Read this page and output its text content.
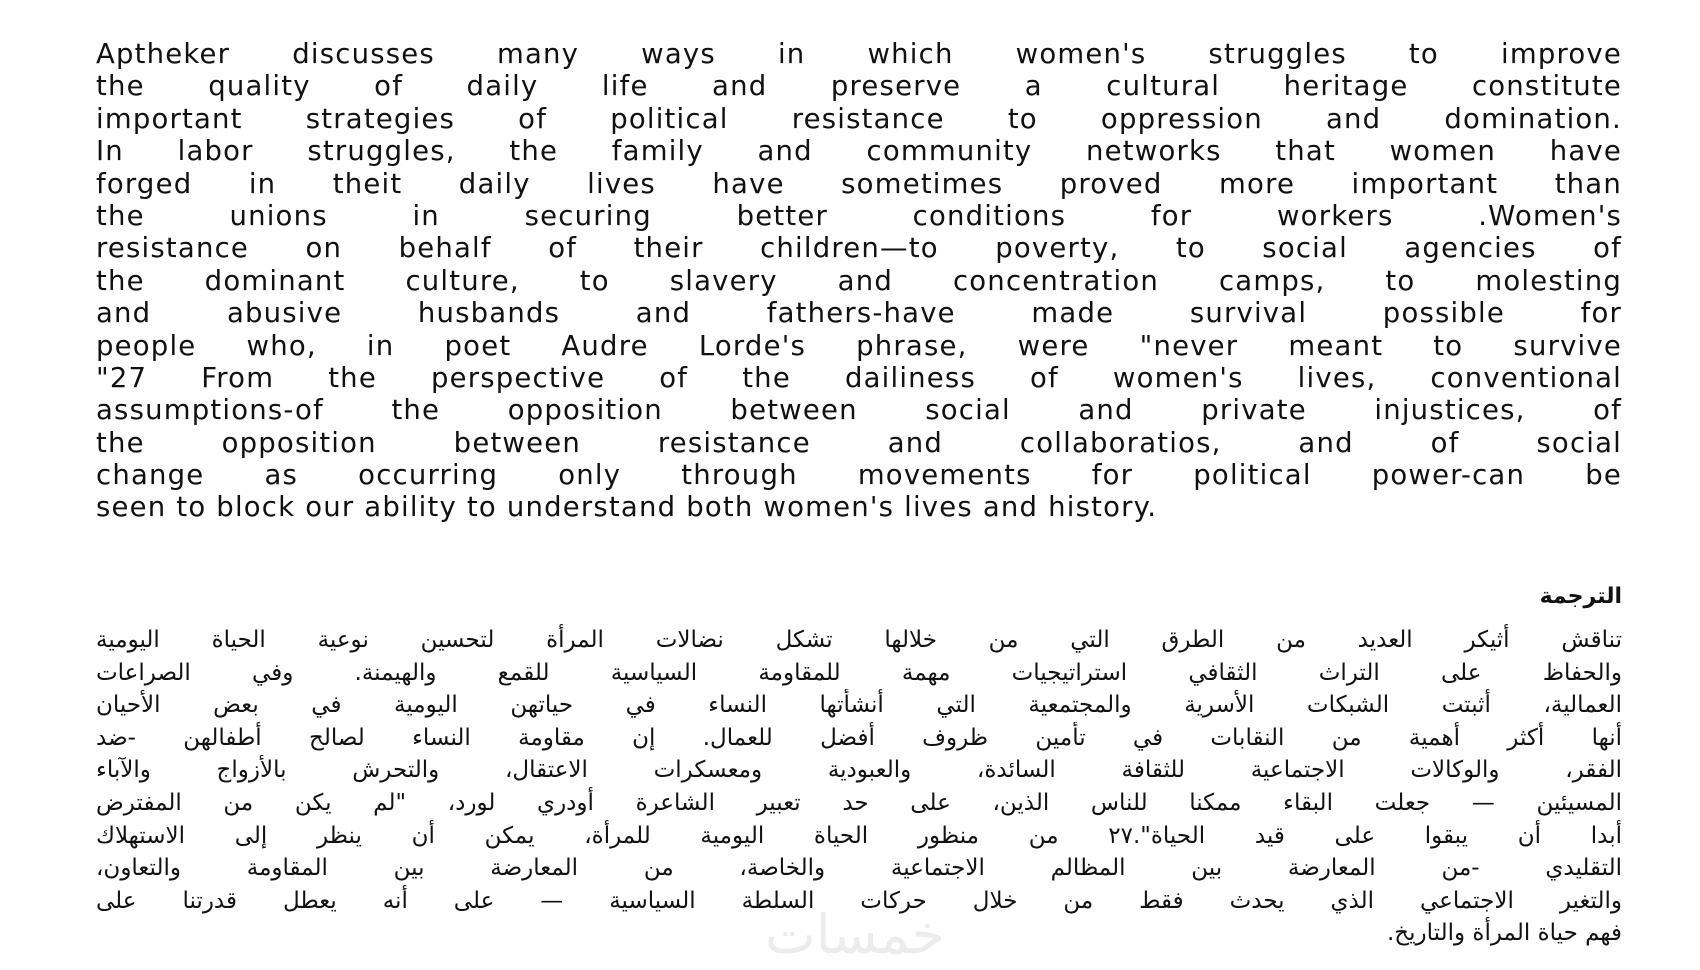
Aptheker discusses many ways in which women's struggles to improve
the quality of daily life and preserve a cultural heritage constitute
important strategies of political resistance to oppression and domination.
In labor struggles, the family and community networks that women have
forged in theit daily lives have sometimes proved more important than
the unions in securing better conditions for workers .Women's
resistance on behalf of their children—to poverty, to social agencies of
the dominant culture, to slavery and concentration camps, to molesting
and abusive husbands and fathers-have made survival possible for
people who, in poet Audre Lorde's phrase, were "never meant to survive
"27 From the perspective of the dailiness of women's lives, conventional
assumptions-of the opposition between social and private injustices, of
the opposition between resistance and collaboratios, and of social
change as occurring only through movements for political power-can be
seen to block our ability to understand both women's lives and history.
الترجمة
تناقش أثيكر العديد من الطرق التي من خلالها تشكل نضالات المرأة لتحسين نوعية الحياة اليومية
والحفاظ على التراث الثقافي استراتيجيات مهمة للمقاومة السياسية للقمع والهيمنة. وفي الصراعات
العمالية، أثبتت الشبكات الأسرية والمجتمعية التي أنشأتها النساء في حياتهن اليومية في بعض الأحيان
أنها أكثر أهمية من النقابات في تأمين ظروف أفضل للعمال. إن مقاومة النساء لصالح أطفالهن -ضد
الفقر، والوكالات الاجتماعية للثقافة السائدة، والعبودية ومعسكرات الاعتقال، والتحرش بالأزواج والآباء
المسيئين — جعلت البقاء ممكنا للناس الذين، على حد تعبير الشاعرة أودري لورد، "لم يكن من المفترض
أبدا أن يبقوا على قيد الحياة".٢٧ من منظور الحياة اليومية للمرأة، يمكن أن ينظر إلى الاستهلاك
التقليدي -من المعارضة بين المظالم الاجتماعية والخاصة، من المعارضة بين المقاومة والتعاون،
والتغير الاجتماعي الذي يحدث فقط من خلال حركات السلطة السياسية — على أنه يعطل قدرتنا على
فهم حياة المرأة والتاريخ.
خمسات
